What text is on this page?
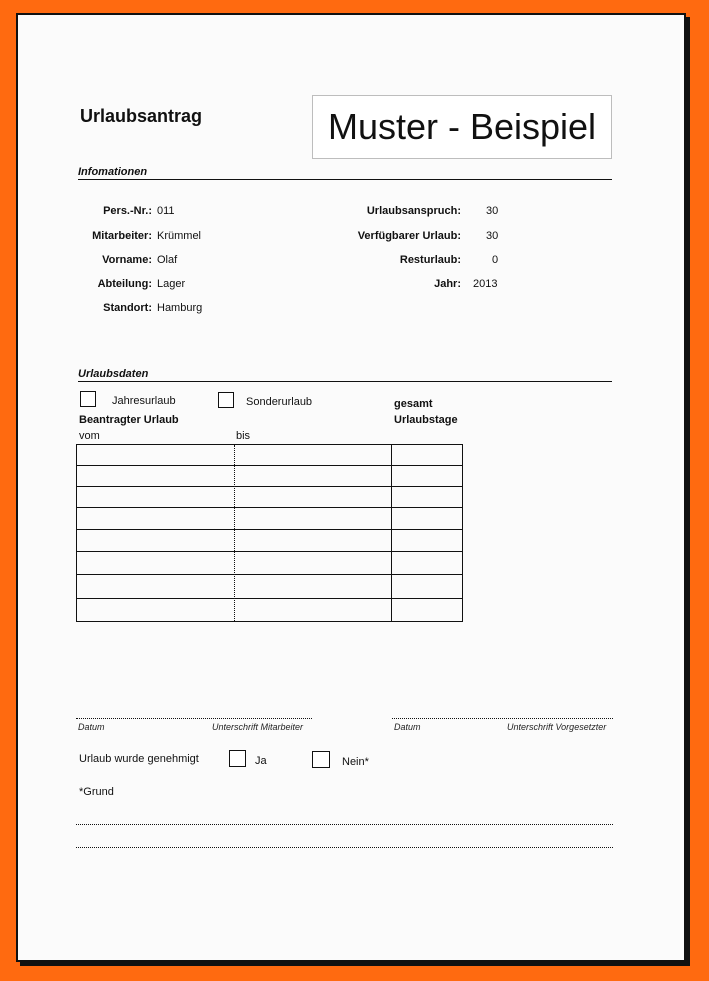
Urlaubsantrag	Muster - Beispiel
Infomationen
Pers.-Nr.: 011
Mitarbeiter: Krümmel
Vorname: Olaf
Abteilung: Lager
Standort: Hamburg
Urlaubsanspruch: 30
Verfügbarer Urlaub: 30
Resturlaub:	0
Jahr: 2013
Urlaubsdaten
Jahresurlaub	Sonderurlaub	gesamt
Urlaubstage
Beantragter Urlaub
vom	bis
Datum	Unterschrift Mitarbeiter	Datum	Unterschrift Vorgesetzter
Urlaub wurde genehmigt	Ja	Nein*
*Grund
